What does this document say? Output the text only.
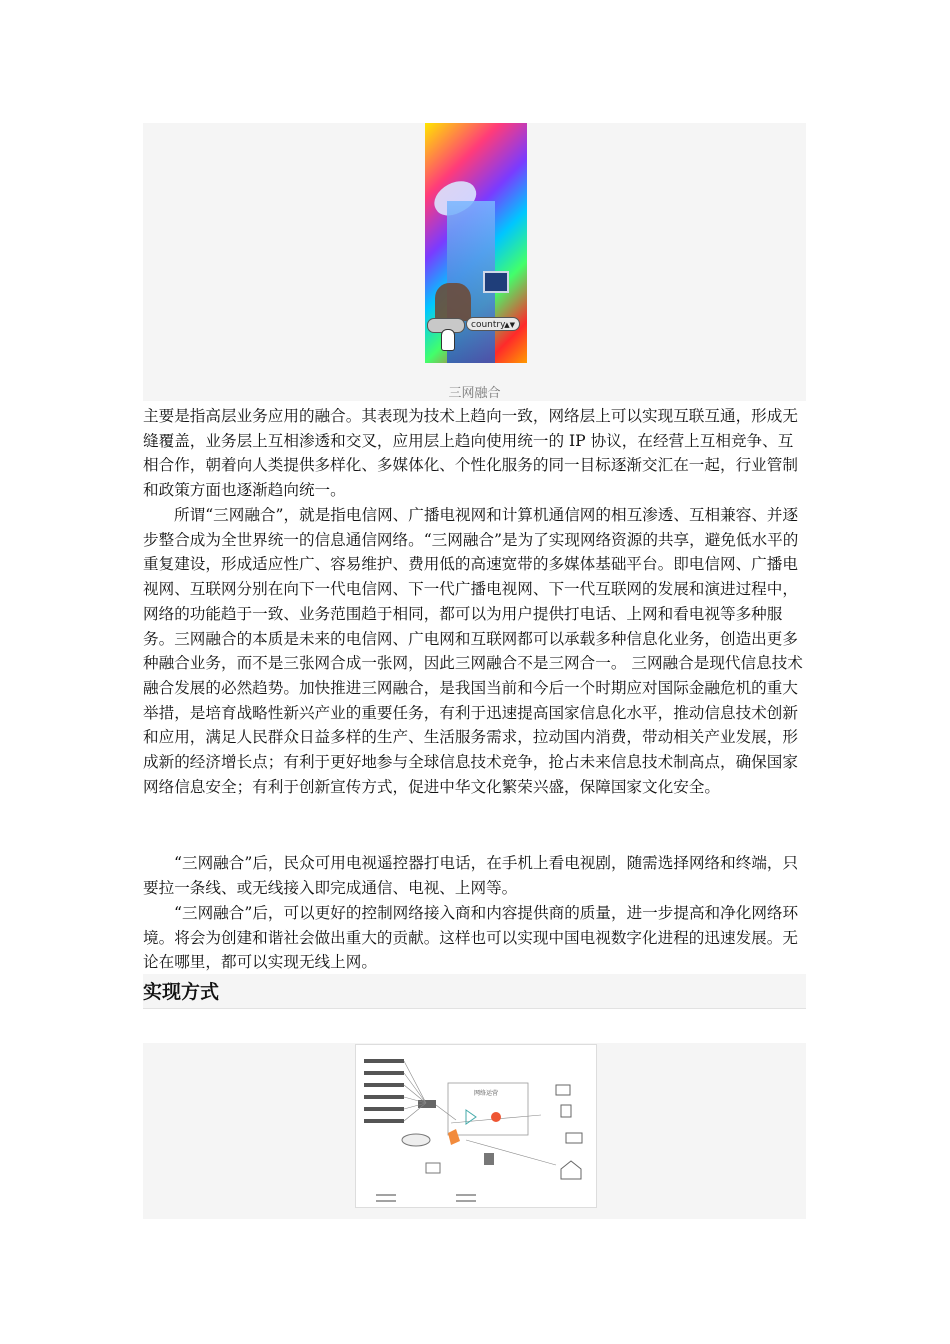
country
▲▼
三网融合

主要是指高层业务应用的融合。其表现为技术上趋向一致，网络层上可以实现互联互通，形成无缝覆盖，业务层上互相渗透和交叉，应用层上趋向使用统一的 IP 协议，在经营上互相竞争、互相合作，朝着向人类提供多样化、多媒体化、个性化服务的同一目标逐渐交汇在一起，行业管制和政策方面也逐渐趋向统一。

所谓“三网融合”，就是指电信网、广播电视网和计算机通信网的相互渗透、互相兼容、并逐步整合成为全世界统一的信息通信网络。“三网融合”是为了实现网络资源的共享，避免低水平的重复建设，形成适应性广、容易维护、费用低的高速宽带的多媒体基础平台。即电信网、广播电视网、互联网分别在向下一代电信网、下一代广播电视网、下一代互联网的发展和演进过程中，网络的功能趋于一致、业务范围趋于相同，都可以为用户提供打电话、上网和看电视等多种服务。三网融合的本质是未来的电信网、广电网和互联网都可以承载多种信息化业务，创造出更多种融合业务，而不是三张网合成一张网，因此三网融合不是三网合一。 三网融合是现代信息技术融合发展的必然趋势。加快推进三网融合，是我国当前和今后一个时期应对国际金融危机的重大举措，是培育战略性新兴产业的重要任务，有利于迅速提高国家信息化水平，推动信息技术创新和应用，满足人民群众日益多样的生产、生活服务需求，拉动国内消费，带动相关产业发展，形成新的经济增长点；有利于更好地参与全球信息技术竞争，抢占未来信息技术制高点，确保国家网络信息安全；有利于创新宣传方式，促进中华文化繁荣兴盛，保障国家文化安全。

“三网融合”后，民众可用电视遥控器打电话，在手机上看电视剧，随需选择网络和终端，只要拉一条线、或无线接入即完成通信、电视、上网等。

“三网融合”后，可以更好的控制网络接入商和内容提供商的质量，进一步提高和净化网络环境。将会为创建和谐社会做出重大的贡献。这样也可以实现中国电视数字化进程的迅速发展。无论在哪里，都可以实现无线上网。

实现方式
网络运营
